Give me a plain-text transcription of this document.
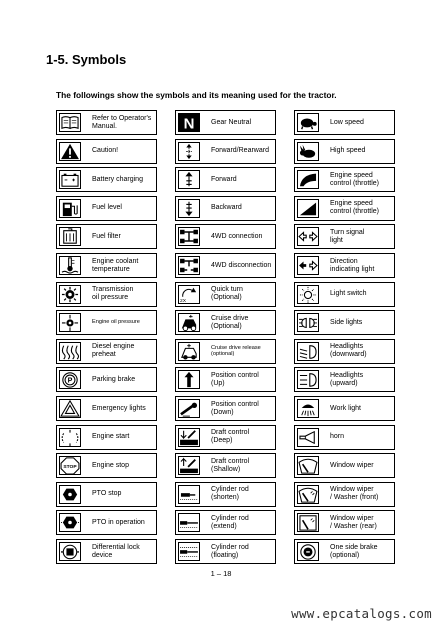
1-5. Symbols
The followings show the symbols and its meaning used for the tractor.
Refer to Operator's
Manual.	N Gear Neutral	Low speed
Caution!	Forward/Rearward	High speed
Battery charging	Forward
Engine speed
control (throttle)
Fuel level	Backward
Engine speed
control (throttle)
Fuel filter	4WD connection
Turn signal
light
Engine coolant
temperature
4WD disconnection
Direction
indicating light
Transmission
oil pressure
2X
Quick turn
(Optional)
Light switch
Engine oil pressure
Cruise drive
(Optional)
Side lights
Diesel engine
preheat
Cruise drive release
(optional)
Headlights
(downward)
P	Parking brake
Position control
(Up)
Headlights
(upward)
Emergency lights
Position control
(Down)
Work light
Engine start
Draft control
(Deep)
horn
STOP Engine stop
Draft control
(Shallow)
Window wiper
PTO stop
Cylinder rod
(shorten)
Window wiper
/ Washer (front)
PTO in operation
Cylinder rod
(extend)
Window wiper
/ Washer (rear)
Differential lock
device
Cylinder rod
(floating)
One side brake
(optional)
1 – 18
www.epcatalogs.com
